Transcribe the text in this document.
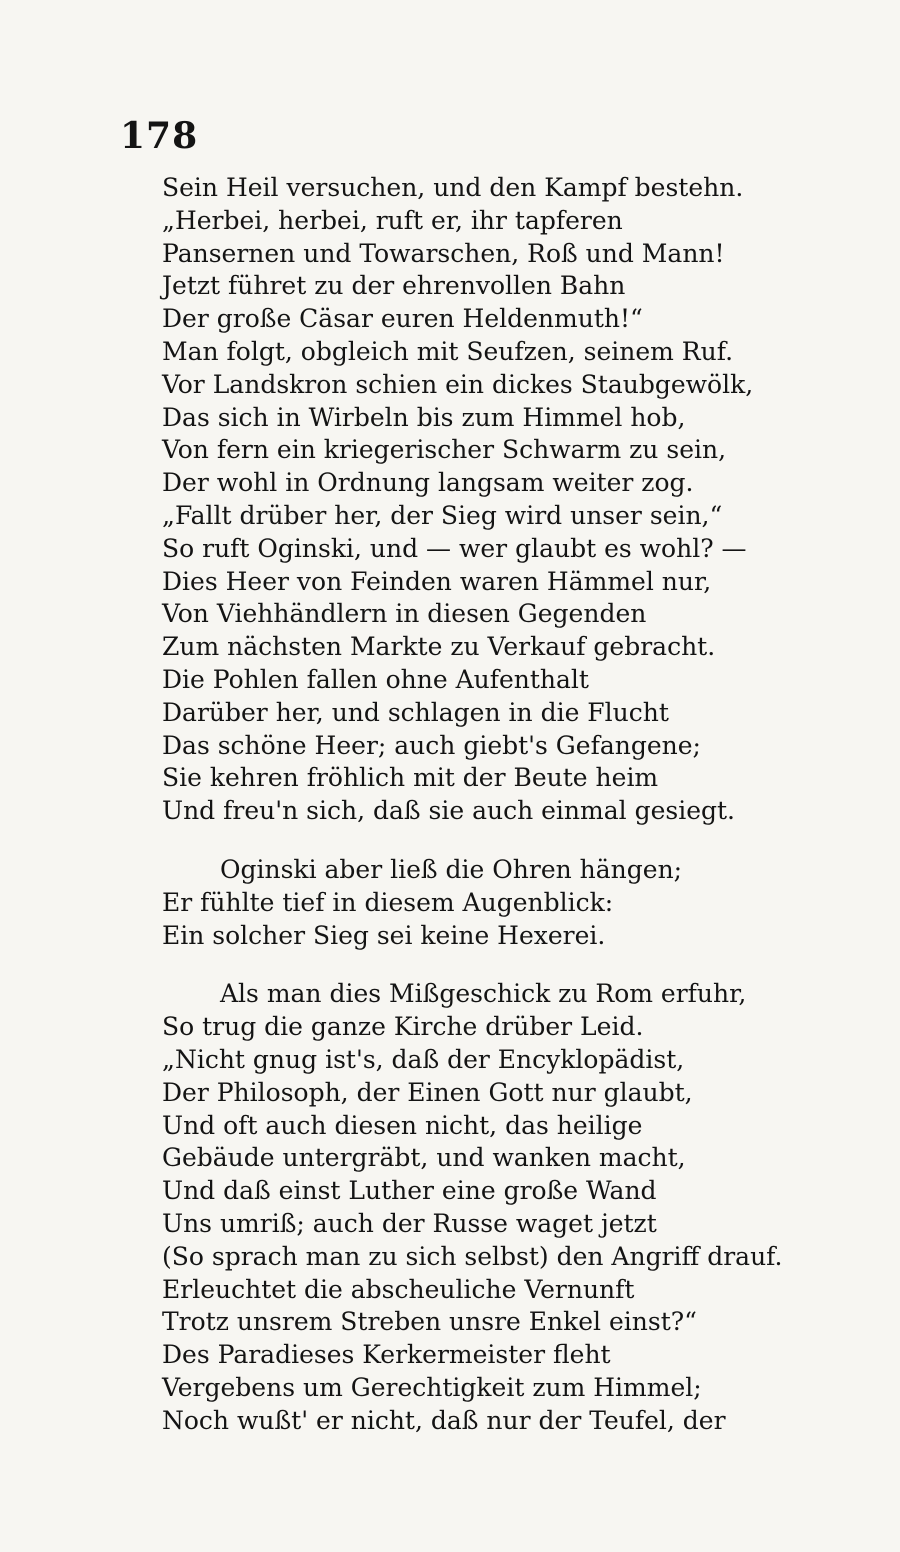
178
Sein Heil versuchen, und den Kampf bestehn.
„Herbei, herbei, ruft er, ihr tapferen
Pansernen und Towarschen, Roß und Mann!
Jetzt führet zu der ehrenvollen Bahn
Der große Cäsar euren Heldenmuth!“
Man folgt, obgleich mit Seufzen, seinem Ruf.
Vor Landskron schien ein dickes Staubgewölk,
Das sich in Wirbeln bis zum Himmel hob,
Von fern ein kriegerischer Schwarm zu sein,
Der wohl in Ordnung langsam weiter zog.
„Fallt drüber her, der Sieg wird unser sein,“
So ruft Oginski, und — wer glaubt es wohl? —
Dies Heer von Feinden waren Hämmel nur,
Von Viehhändlern in diesen Gegenden
Zum nächsten Markte zu Verkauf gebracht.
Die Pohlen fallen ohne Aufenthalt
Darüber her, und schlagen in die Flucht
Das schöne Heer; auch giebt's Gefangene;
Sie kehren fröhlich mit der Beute heim
Und freu'n sich, daß sie auch einmal gesiegt.
Oginski aber ließ die Ohren hängen;
Er fühlte tief in diesem Augenblick:
Ein solcher Sieg sei keine Hexerei.
Als man dies Mißgeschick zu Rom erfuhr,
So trug die ganze Kirche drüber Leid.
„Nicht gnug ist's, daß der Encyklopädist,
Der Philosoph, der Einen Gott nur glaubt,
Und oft auch diesen nicht, das heilige
Gebäude untergräbt, und wanken macht,
Und daß einst Luther eine große Wand
Uns umriß; auch der Russe waget jetzt
(So sprach man zu sich selbst) den Angriff drauf.
Erleuchtet die abscheuliche Vernunft
Trotz unsrem Streben unsre Enkel einst?“
Des Paradieses Kerkermeister fleht
Vergebens um Gerechtigkeit zum Himmel;
Noch wußt' er nicht, daß nur der Teufel, der
